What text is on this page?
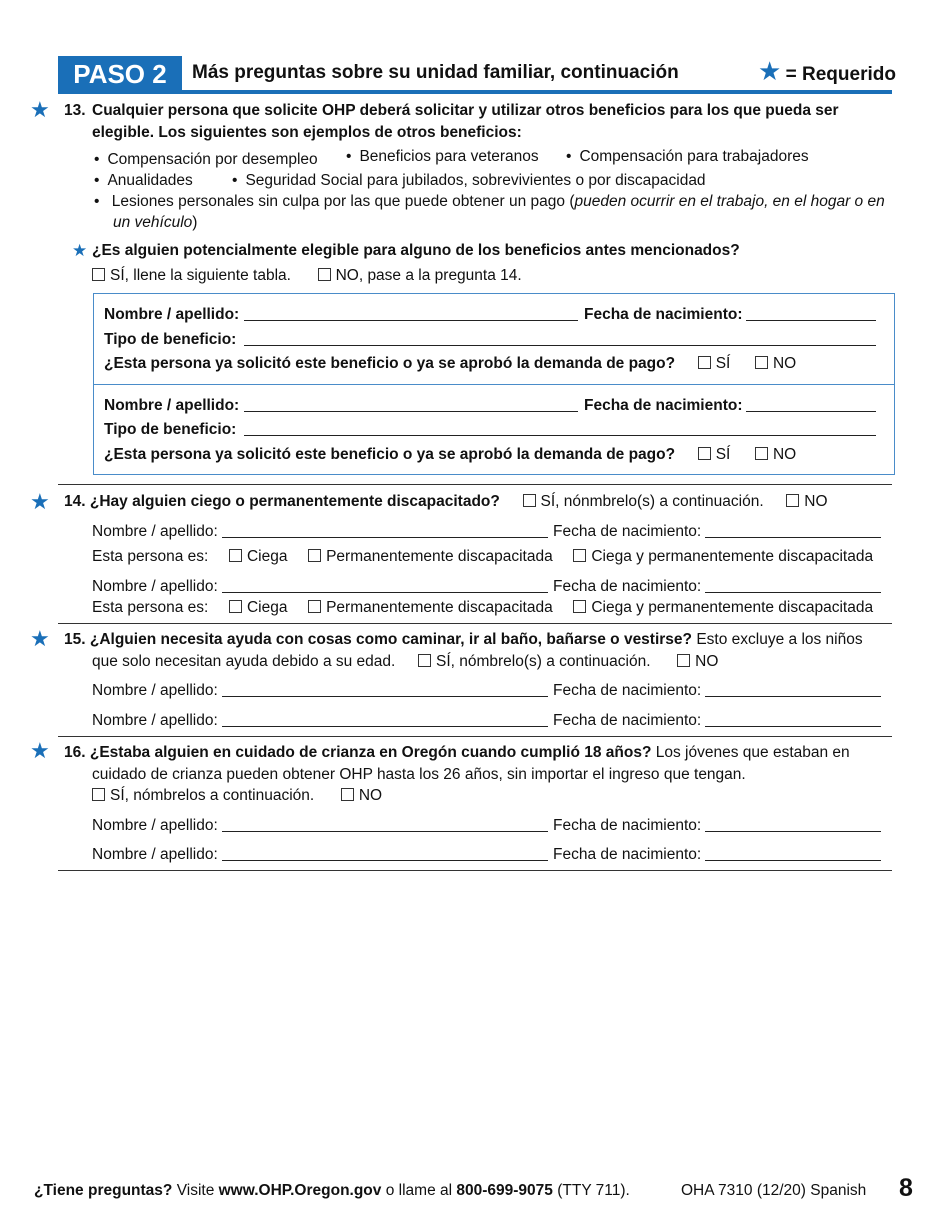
PASO 2	Más preguntas sobre su unidad familiar, continuación	★ = Requerido
★ 13. Cualquier persona que solicite OHP deberá solicitar y utilizar otros beneficios para los que pueda ser
elegible. Los siguientes son ejemplos de otros beneficios:
• Compensación por desempleo	• Beneficios para veteranos	• Compensación para trabajadores
• Anualidades	• Seguridad Social para jubilados, sobrevivientes o por discapacidad
• Lesiones personales sin culpa por las que puede obtener un pago (pueden ocurrir en el trabajo, en el hogar o en
un vehículo)
★ ¿Es alguien potencialmente elegible para alguno de los beneficios antes mencionados?
SÍ, llene la siguiente tabla.	NO, pase a la pregunta 14.
Nombre / apellido:	Fecha de nacimiento:
Tipo de beneficio:
¿Esta persona ya solicitó este beneficio o ya se aprobó la demanda de pago?	SÍ	NO
Nombre / apellido:	Fecha de nacimiento:
Tipo de beneficio:
¿Esta persona ya solicitó este beneficio o ya se aprobó la demanda de pago?	SÍ	NO
★ 14. ¿Hay alguien ciego o permanentemente discapacitado?	SÍ, nónmbrelo(s) a continuación.	NO
Nombre / apellido:	Fecha de nacimiento:
Esta persona es: Ciega Permanentemente discapacitada Ciega y permanentemente discapacitada
Nombre / apellido:	Fecha de nacimiento:
Esta persona es: Ciega Permanentemente discapacitada Ciega y permanentemente discapacitada
★ 15. ¿Alguien necesita ayuda con cosas como caminar, ir al baño, bañarse o vestirse? Esto excluye a los niños
que solo necesitan ayuda debido a su edad.	SÍ, nómbrelo(s) a continuación.	NO
Nombre / apellido:	Fecha de nacimiento:
Nombre / apellido:	Fecha de nacimiento:
★ 16. ¿Estaba alguien en cuidado de crianza en Oregón cuando cumplió 18 años? Los jóvenes que estaban en
cuidado de crianza pueden obtener OHP hasta los 26 años, sin importar el ingreso que tengan.
SÍ, nómbrelos a continuación.	NO
Nombre / apellido:	Fecha de nacimiento:
Nombre / apellido:	Fecha de nacimiento:
¿Tiene preguntas? Visite www.OHP.Oregon.gov o llame al 800-699-9075 (TTY 711).	OHA 7310 (12/20) Spanish 8
